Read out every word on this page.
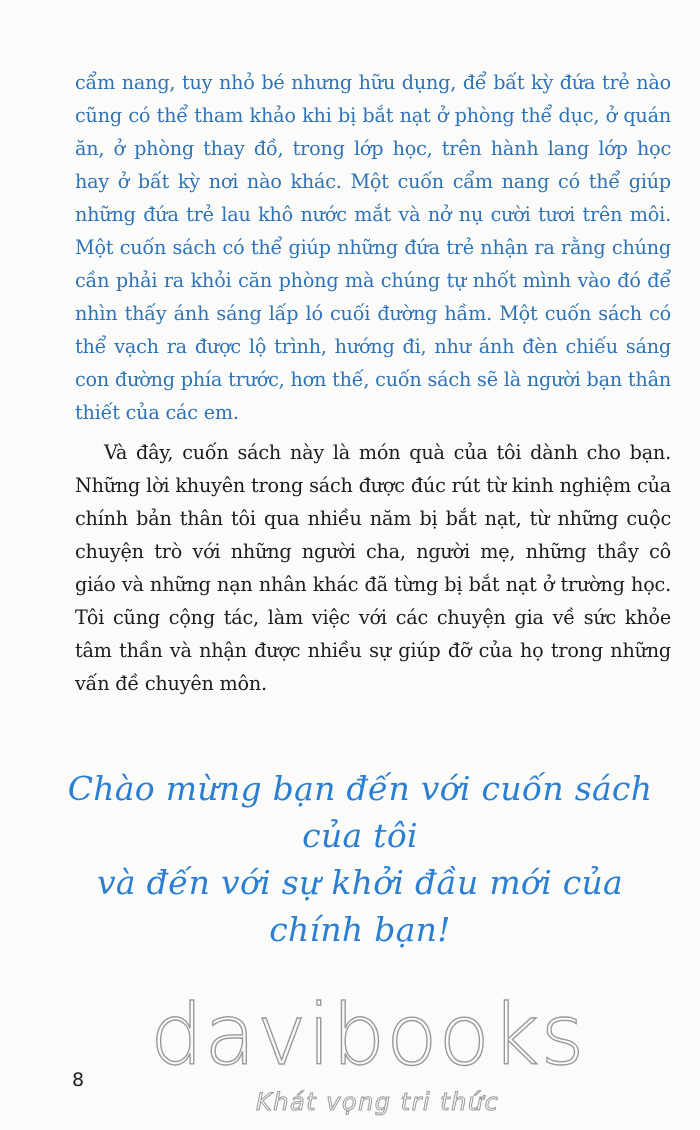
cẩm nang, tuy nhỏ bé nhưng hữu dụng, để bất kỳ đứa trẻ nào cũng có thể tham khảo khi bị bắt nạt ở phòng thể dục, ở quán ăn, ở phòng thay đồ, trong lớp học, trên hành lang lớp học hay ở bất kỳ nơi nào khác. Một cuốn cẩm nang có thể giúp những đứa trẻ lau khô nước mắt và nở nụ cười tươi trên môi. Một cuốn sách có thể giúp những đứa trẻ nhận ra rằng chúng cần phải ra khỏi căn phòng mà chúng tự nhốt mình vào đó để nhìn thấy ánh sáng lấp ló cuối đường hầm. Một cuốn sách có thể vạch ra được lộ trình, hướng đi, như ánh đèn chiếu sáng con đường phía trước, hơn thế, cuốn sách sẽ là người bạn thân thiết của các em.

Và đây, cuốn sách này là món quà của tôi dành cho bạn. Những lời khuyên trong sách được đúc rút từ kinh nghiệm của chính bản thân tôi qua nhiều năm bị bắt nạt, từ những cuộc chuyện trò với những người cha, người mẹ, những thầy cô giáo và những nạn nhân khác đã từng bị bắt nạt ở trường học. Tôi cũng cộng tác, làm việc với các chuyện gia về sức khỏe tâm thần và nhận được nhiều sự giúp đỡ của họ trong những vấn đề chuyên môn.

Chào mừng bạn đến với cuốn sách
của tôi
và đến với sự khởi đầu mới của
chính bạn!
davibooks
Khát vọng tri thức
8
